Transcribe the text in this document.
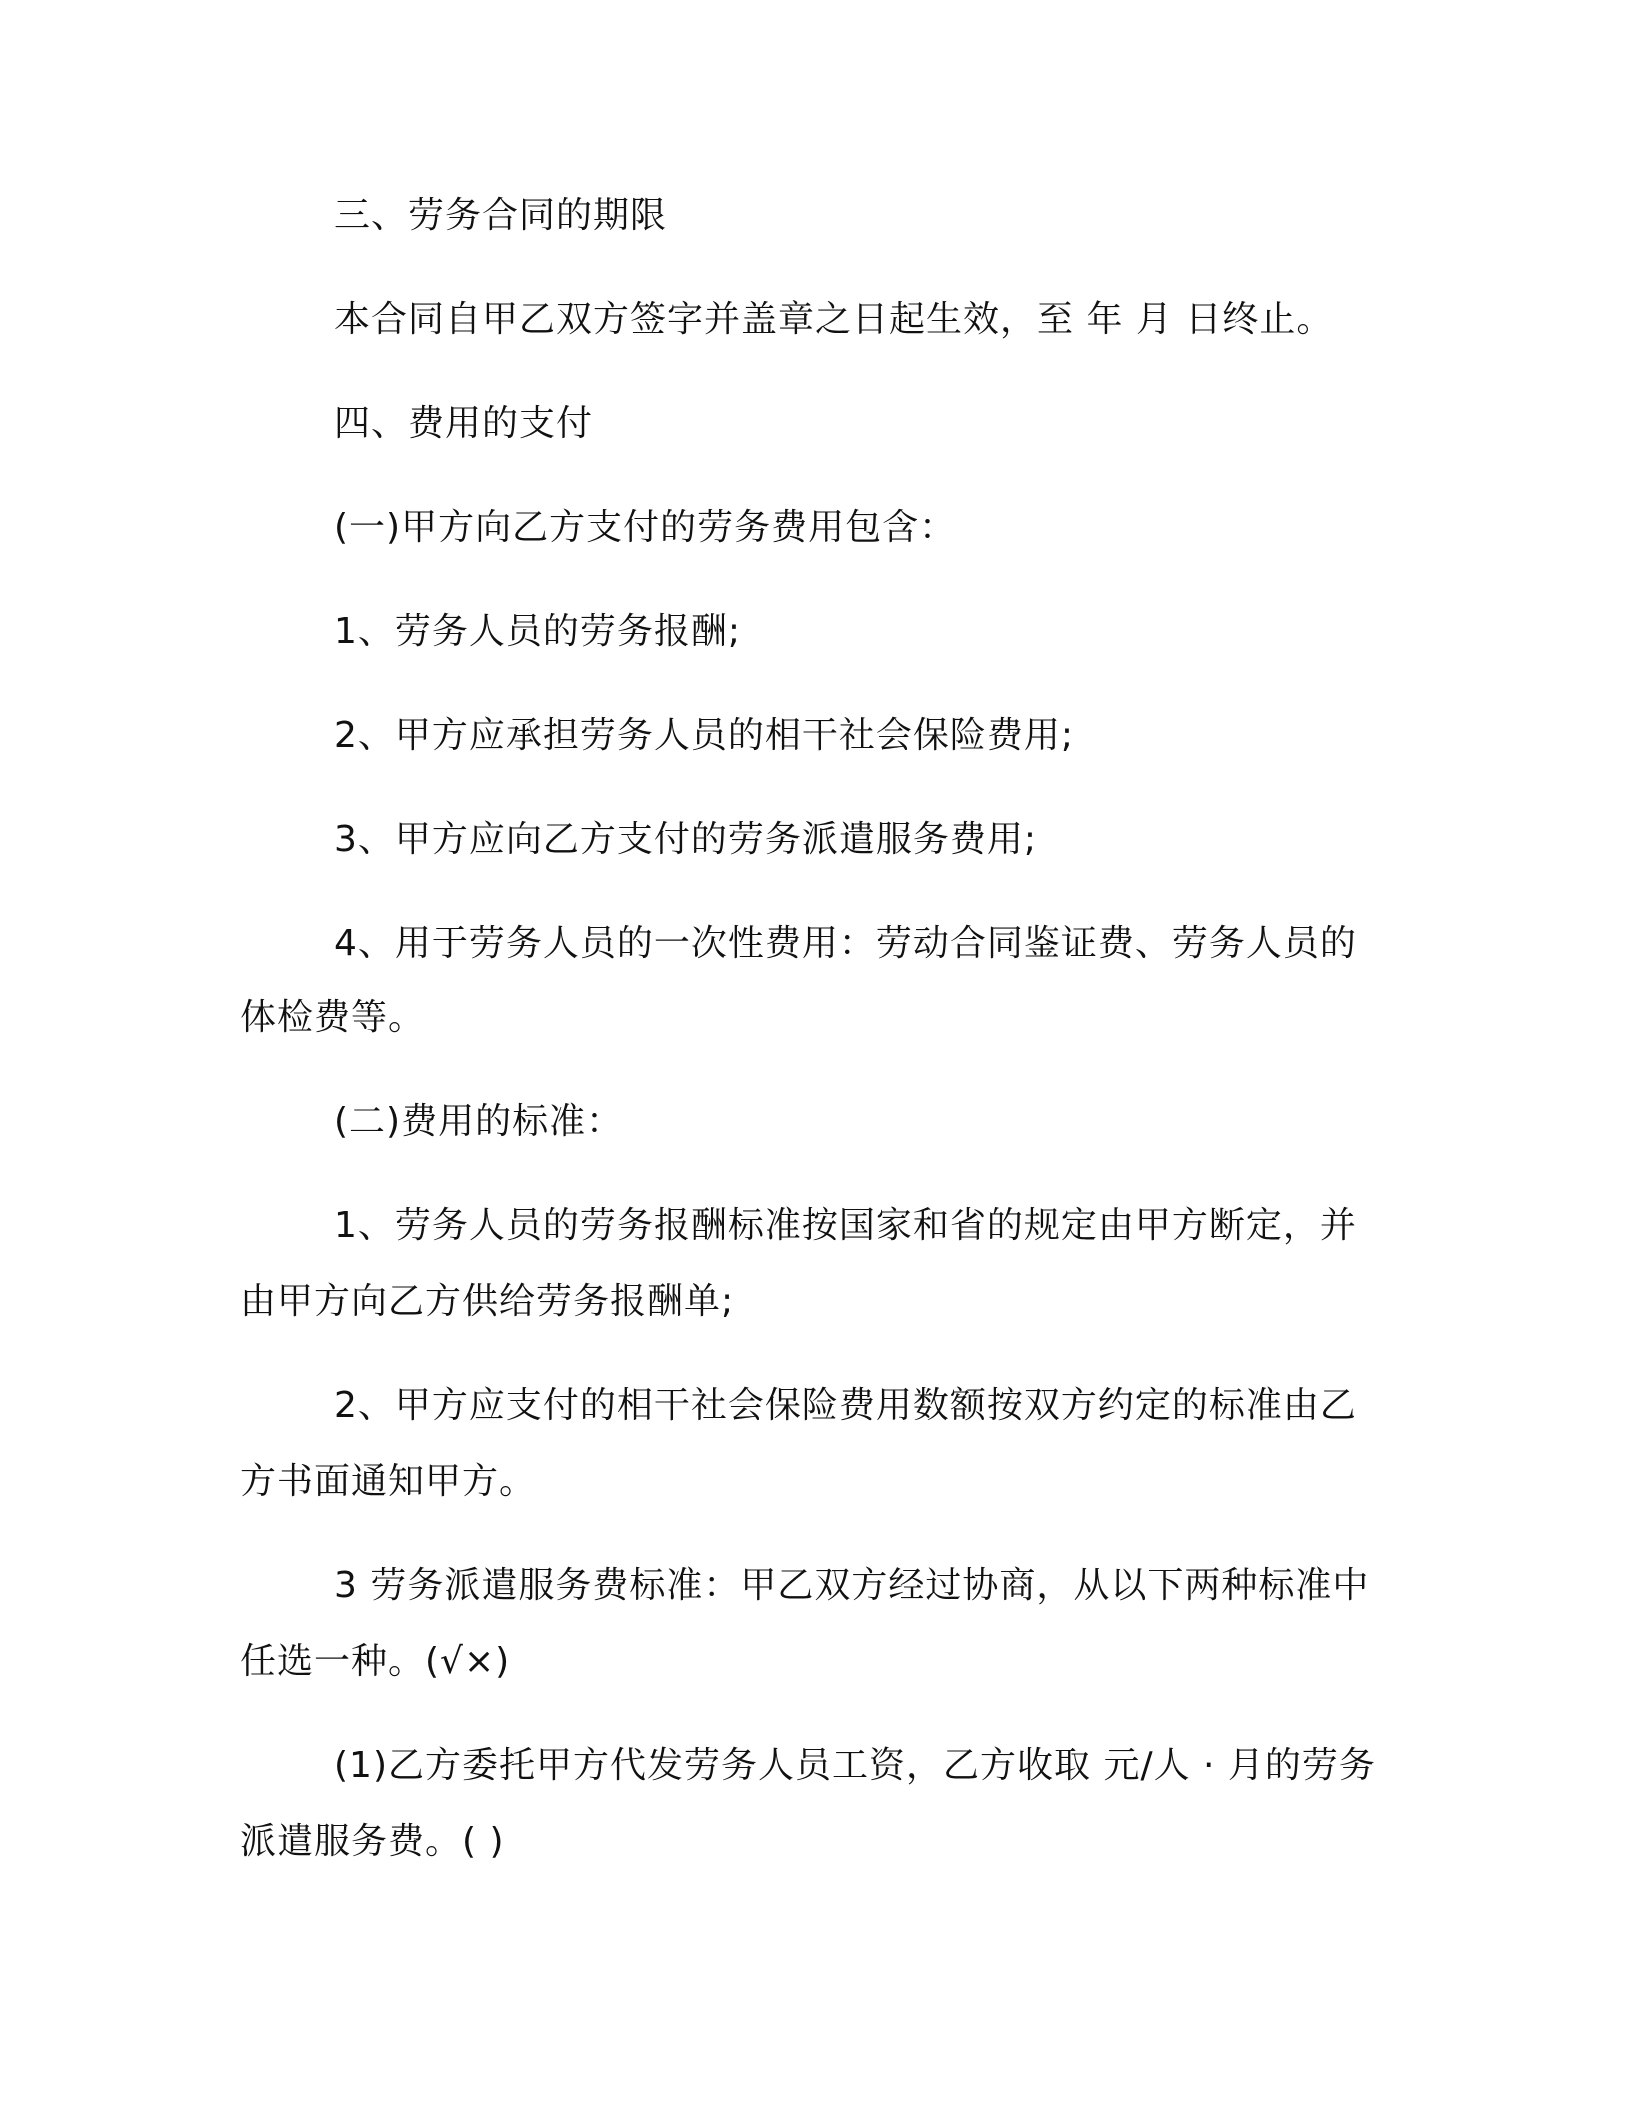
三、劳务合同的期限
本合同自甲乙双方签字并盖章之日起生效，至 年 月 日终止。
四、费用的支付
(一)甲方向乙方支付的劳务费用包含：
1、劳务人员的劳务报酬;
2、甲方应承担劳务人员的相干社会保险费用;
3、甲方应向乙方支付的劳务派遣服务费用;
4、用于劳务人员的一次性费用：劳动合同鉴证费、劳务人员的
体检费等。
(二)费用的标准：
1、劳务人员的劳务报酬标准按国家和省的规定由甲方断定，并
由甲方向乙方供给劳务报酬单;
2、甲方应支付的相干社会保险费用数额按双方约定的标准由乙
方书面通知甲方。
3 劳务派遣服务费标准：甲乙双方经过协商，从以下两种标准中
任选一种。(√×)
(1)乙方委托甲方代发劳务人员工资，乙方收取 元/人 · 月的劳务
派遣服务费。( )
